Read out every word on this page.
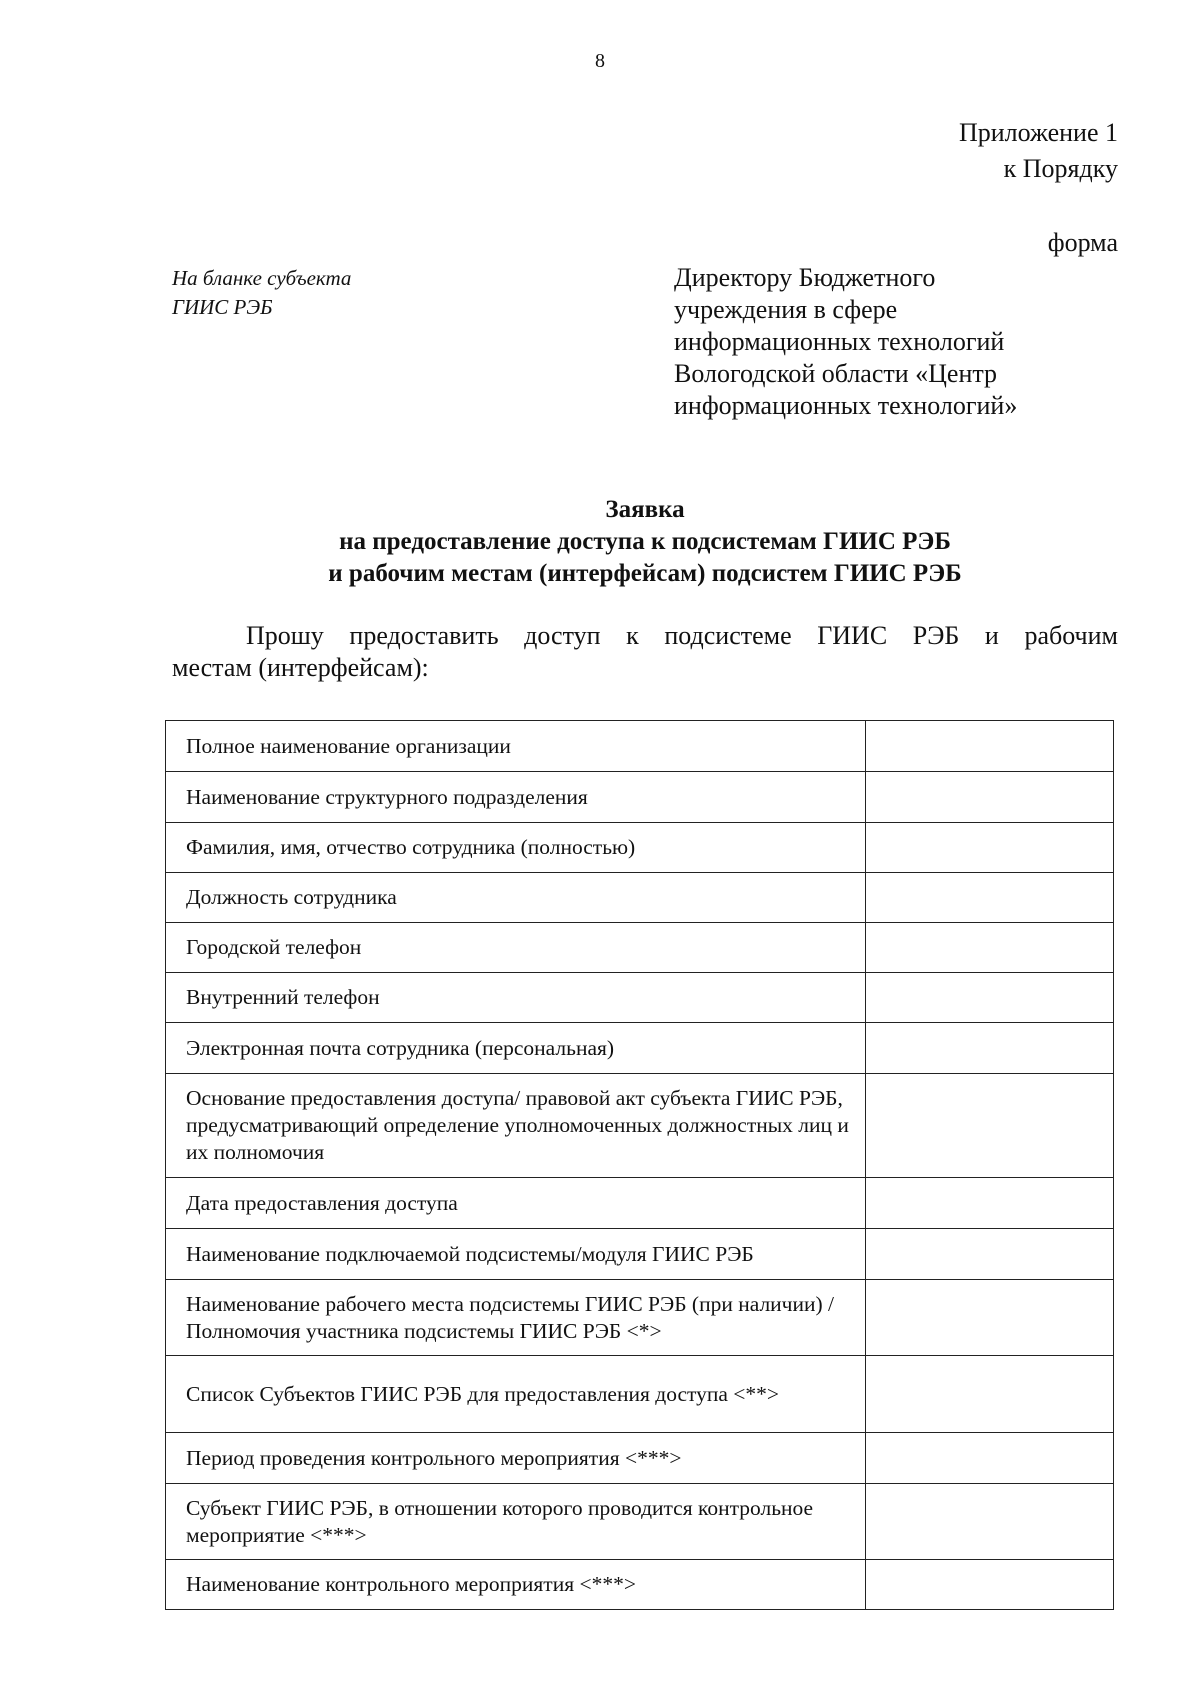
8
Приложение 1
к Порядку
форма
На бланке субъекта
ГИИС РЭБ
Директору Бюджетного
учреждения в сфере
информационных технологий
Вологодской области «Центр
информационных технологий»
Заявка
на предоставление доступа к подсистемам ГИИС РЭБ
и рабочим местам (интерфейсам) подсистем ГИИС РЭБ
Прошу предоставить доступ к подсистеме ГИИС РЭБ и рабочим
местам (интерфейсам):
Полное наименование организации	
Наименование структурного подразделения	
Фамилия, имя, отчество сотрудника (полностью)	
Должность сотрудника	
Городской телефон	
Внутренний телефон	
Электронная почта сотрудника (персональная)	
Основание предоставления доступа/ правовой акт субъекта ГИИС РЭБ, предусматривающий определение уполномоченных должностных лиц и их полномочия	
Дата предоставления доступа	
Наименование подключаемой подсистемы/модуля ГИИС РЭБ	
Наименование рабочего места подсистемы ГИИС РЭБ (при наличии) / Полномочия участника подсистемы ГИИС РЭБ <*>	
Список Субъектов ГИИС РЭБ для предоставления доступа <**>	
Период проведения контрольного мероприятия <***>	
Субъект ГИИС РЭБ, в отношении которого проводится контрольное мероприятие <***>	
Наименование контрольного мероприятия <***>	
